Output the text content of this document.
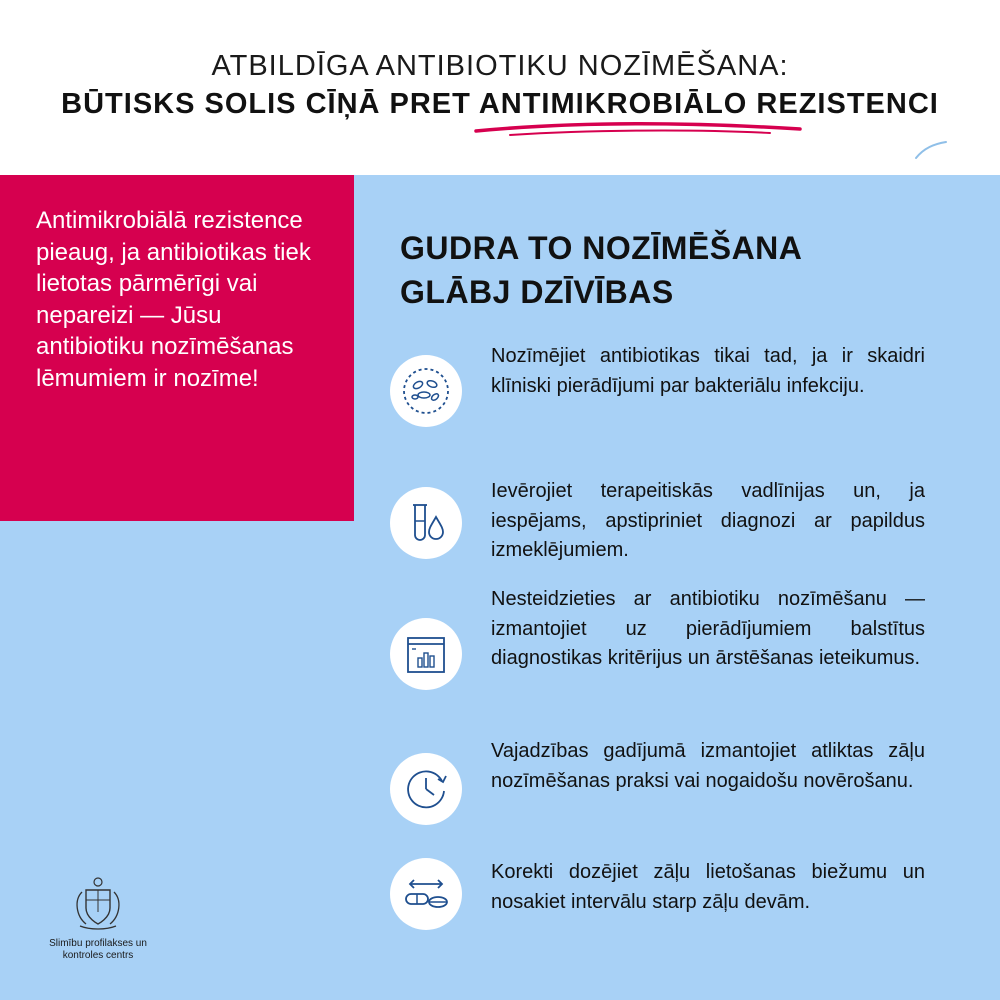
ATBILDĪGA ANTIBIOTIKU NOZĪMĒŠANA:
BŪTISKS SOLIS CĪŅĀ PRET ANTIMIKROBIĀLO REZISTENCI
Antimikrobiālā rezistence pieaug, ja antibiotikas tiek lietotas pārmērīgi vai nepareizi — Jūsu antibiotiku nozīmēšanas lēmumiem ir nozīme!
GUDRA TO NOZĪMĒŠANA GLĀBJ DZĪVĪBAS
Nozīmējiet antibiotikas tikai tad, ja ir skaidri klīniski pierādījumi par bakteriālu infekciju.
Ievērojiet terapeitiskās vadlīnijas un, ja iespējams, apstipriniet diagnozi ar papildus izmeklējumiem.
Nesteidzieties ar antibiotiku nozīmēšanu — izmantojiet uz pierādījumiem balstītus diagnostikas kritērijus un ārstēšanas ieteikumus.
Vajadzības gadījumā izmantojiet atliktas zāļu nozīmēšanas praksi vai nogaidošu novērošanu.
Korekti dozējiet zāļu lietošanas biežumu un nosakiet intervālu starp zāļu devām.
Slimību profilakses un kontroles centrs
